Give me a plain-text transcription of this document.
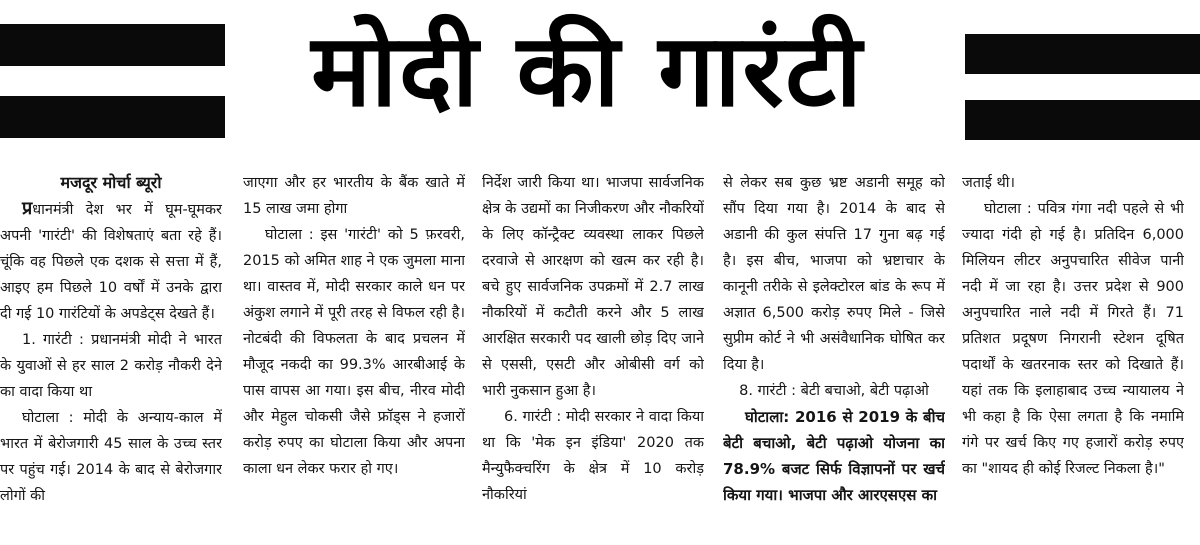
मोदी की गारंटी

मजदूर मोर्चा ब्यूरो

प्रधानमंत्री देश भर में घूम-घूमकर अपनी 'गारंटी' की विशेषताएं बता रहे हैं। चूंकि वह पिछले एक दशक से सत्ता में हैं, आइए हम पिछले 10 वर्षों में उनके द्वारा दी गई 10 गारंटियों के अपडेट्स देखते हैं।

1. गारंटी : प्रधानमंत्री मोदी ने भारत के युवाओं से हर साल 2 करोड़ नौकरी देने का वादा किया था

घोटाला : मोदी के अन्याय-काल में भारत में बेरोजगारी 45 साल के उच्च स्तर पर पहुंच गई। 2014 के बाद से बेरोजगार लोगों की

जाएगा और हर भारतीय के बैंक खाते में 15 लाख जमा होगा

घोटाला : इस 'गारंटी' को 5 फ़रवरी, 2015 को अमित शाह ने एक जुमला माना था। वास्तव में, मोदी सरकार काले धन पर अंकुश लगाने में पूरी तरह से विफल रही है। नोटबंदी की विफलता के बाद प्रचलन में मौजूद नकदी का 99.3% आरबीआई के पास वापस आ गया। इस बीच, नीरव मोदी और मेहुल चोकसी जैसे फ्रॉड्स ने हजारों करोड़ रुपए का घोटाला किया और अपना काला धन लेकर फरार हो गए।

निर्देश जारी किया था। भाजपा सार्वजनिक क्षेत्र के उद्यमों का निजीकरण और नौकरियों के लिए कॉन्ट्रैक्ट व्यवस्था लाकर पिछले दरवाजे से आरक्षण को खत्म कर रही है। बचे हुए सार्वजनिक उपक्रमों में 2.7 लाख नौकरियों में कटौती करने और 5 लाख आरक्षित सरकारी पद खाली छोड़ दिए जाने से एससी, एसटी और ओबीसी वर्ग को भारी नुकसान हुआ है।

6. गारंटी : मोदी सरकार ने वादा किया था कि 'मेक इन इंडिया' 2020 तक मैन्युफैक्चरिंग के क्षेत्र में 10 करोड़ नौकरियां

से लेकर सब कुछ भ्रष्ट अडानी समूह को सौंप दिया गया है। 2014 के बाद से अडानी की कुल संपत्ति 17 गुना बढ़ गई है। इस बीच, भाजपा को भ्रष्टाचार के कानूनी तरीके से इलेक्टोरल बांड के रूप में अज्ञात 6,500 करोड़ रुपए मिले - जिसे सुप्रीम कोर्ट ने भी असंवैधानिक घोषित कर दिया है।

8. गारंटी : बेटी बचाओ, बेटी पढ़ाओ

घोटाला: 2016 से 2019 के बीच बेटी बचाओ, बेटी पढ़ाओ योजना का 78.9% बजट सिर्फ विज्ञापनों पर खर्च किया गया। भाजपा और आरएसएस का

जताई थी।

घोटाला : पवित्र गंगा नदी पहले से भी ज्यादा गंदी हो गई है। प्रतिदिन 6,000 मिलियन लीटर अनुपचारित सीवेज पानी नदी में जा रहा है। उत्तर प्रदेश से 900 अनुपचारित नाले नदी में गिरते हैं। 71 प्रतिशत प्रदूषण निगरानी स्टेशन दूषित पदार्थों के खतरनाक स्तर को दिखाते हैं। यहां तक कि इलाहाबाद उच्च न्यायालय ने भी कहा है कि ऐसा लगता है कि नमामि गंगे पर खर्च किए गए हजारों करोड़ रुपए का "शायद ही कोई रिजल्ट निकला है।"
